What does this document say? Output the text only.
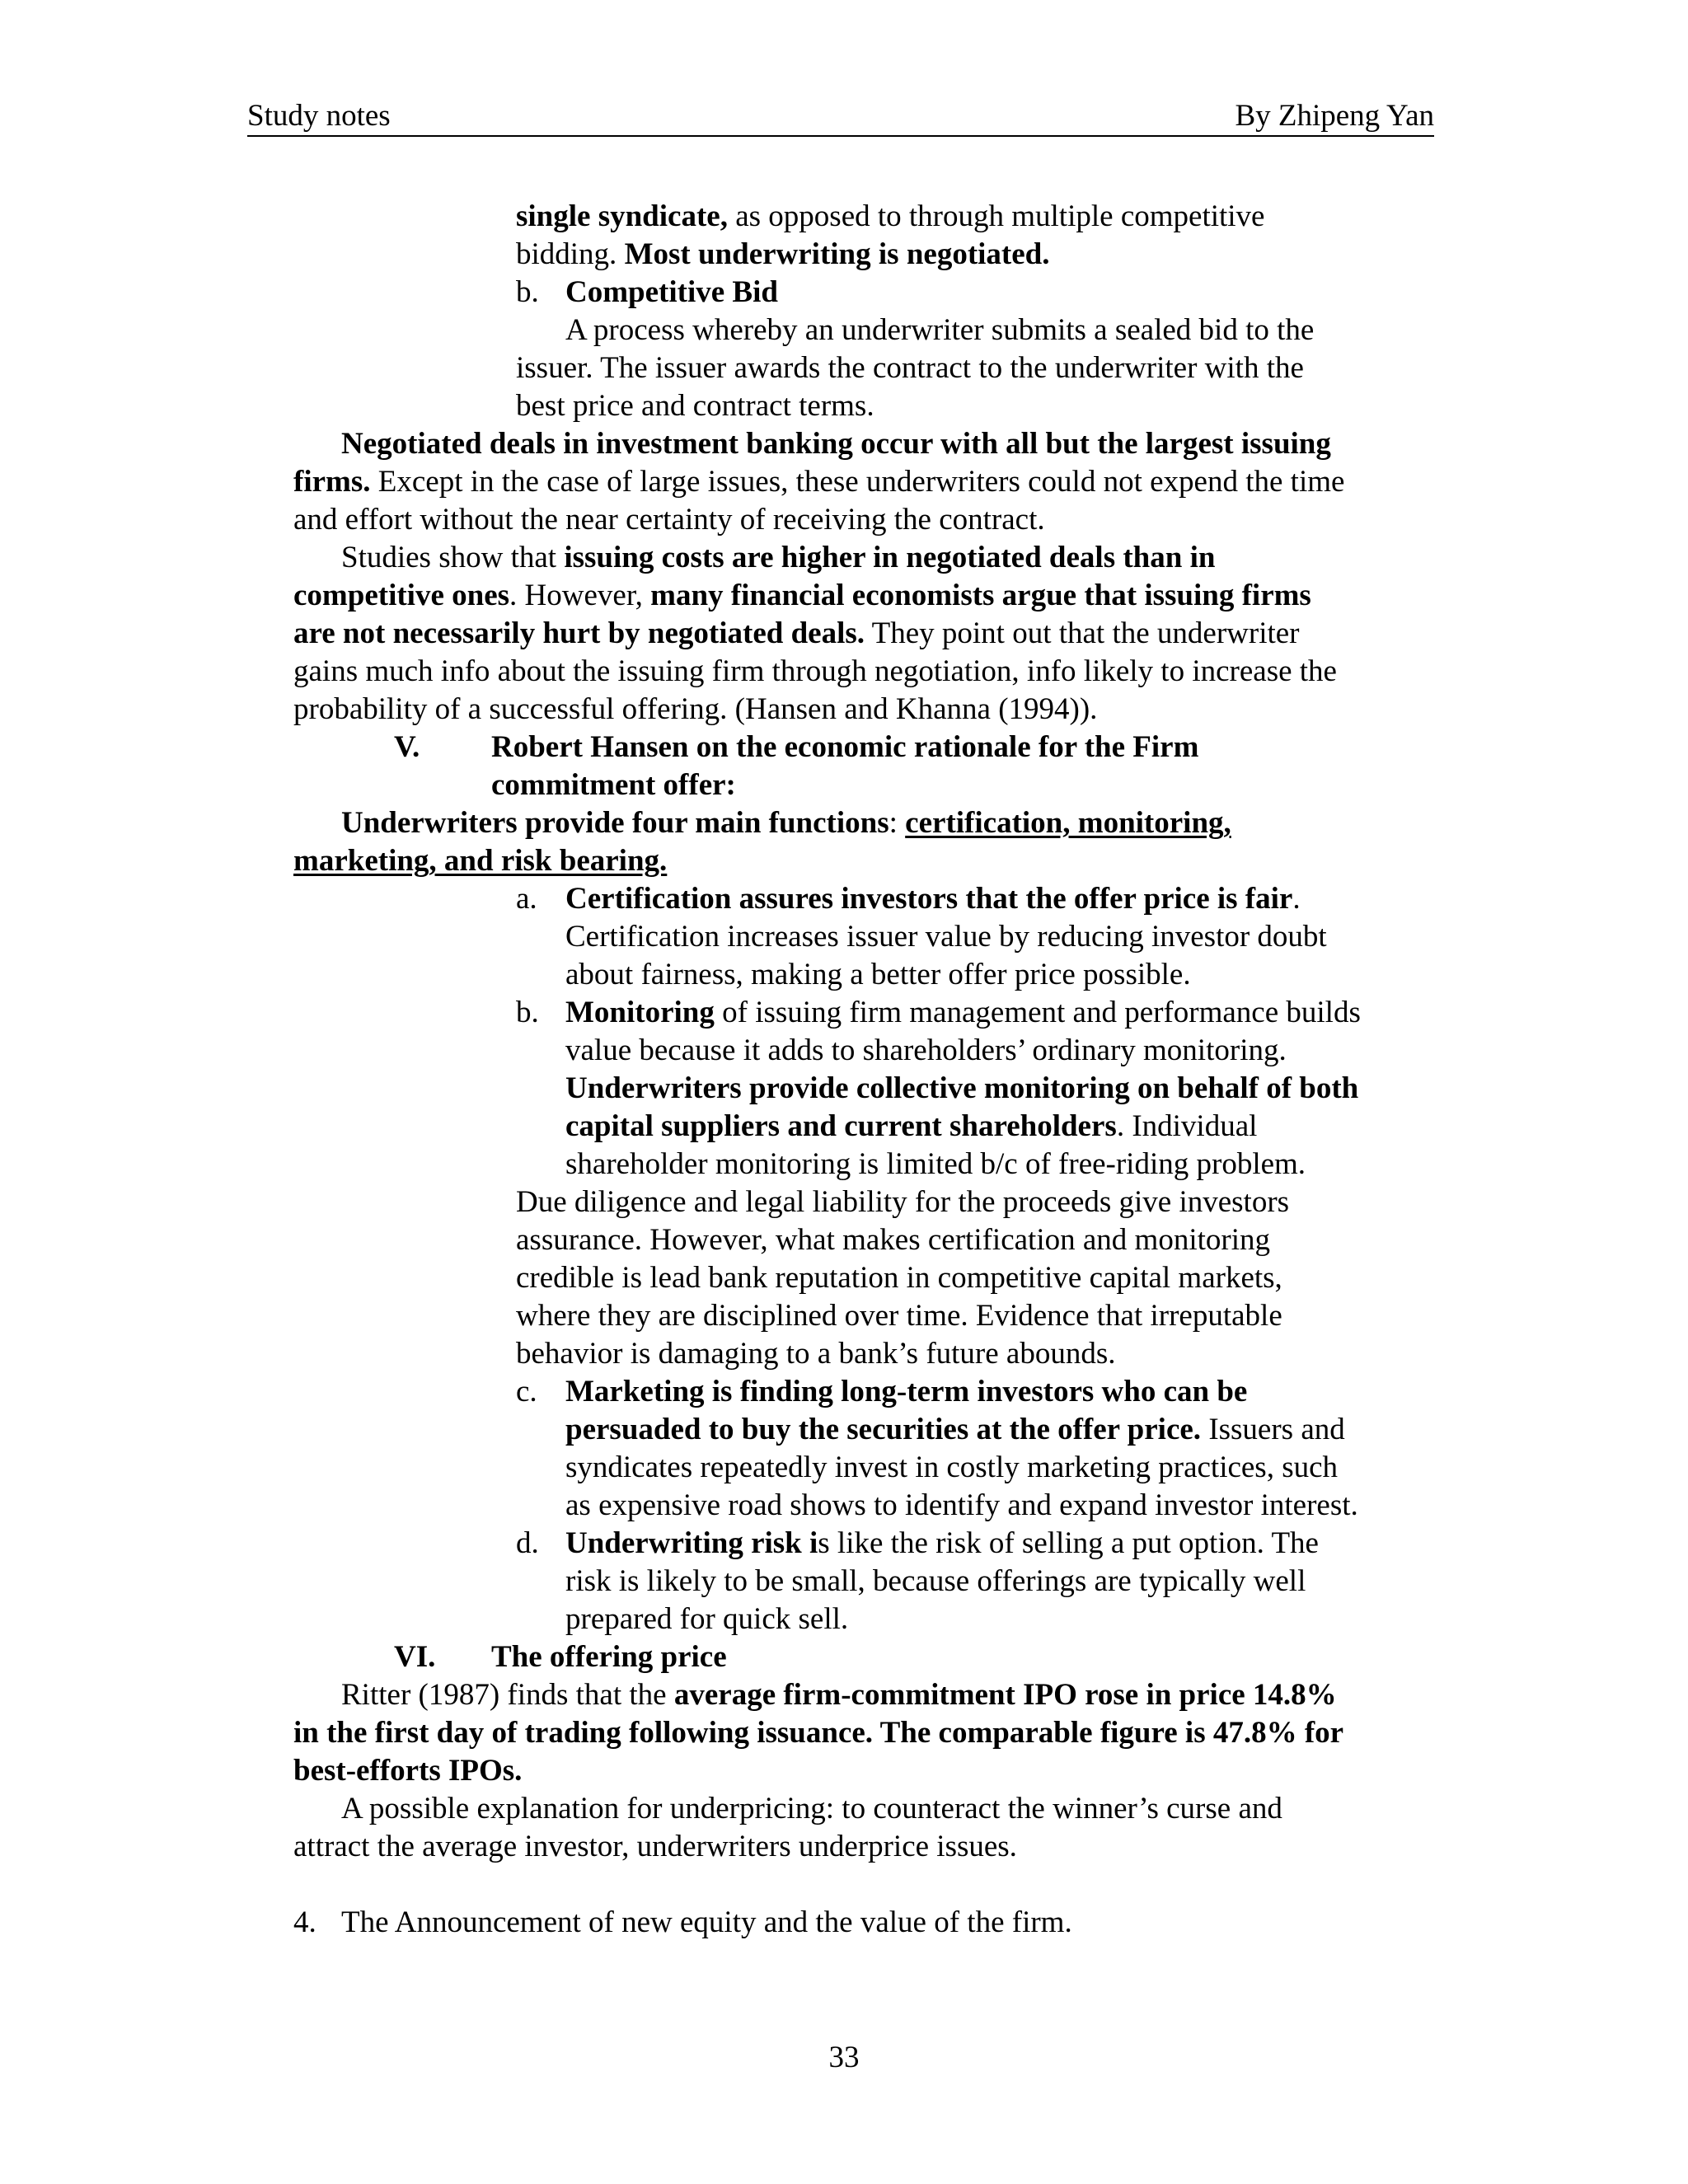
Study notes	By Zhipeng Yan
single syndicate, as opposed to through multiple competitive
bidding. Most underwriting is negotiated.
b. Competitive Bid
A process whereby an underwriter submits a sealed bid to the
issuer. The issuer awards the contract to the underwriter with the
best price and contract terms.
Negotiated deals in investment banking occur with all but the largest issuing
firms. Except in the case of large issues, these underwriters could not expend the time
and effort without the near certainty of receiving the contract.
Studies show that issuing costs are higher in negotiated deals than in
competitive ones. However, many financial economists argue that issuing firms
are not necessarily hurt by negotiated deals. They point out that the underwriter
gains much info about the issuing firm through negotiation, info likely to increase the
probability of a successful offering. (Hansen and Khanna (1994)).
V. Robert Hansen on the economic rationale for the Firm
commitment offer:
Underwriters provide four main functions: certification, monitoring,
marketing, and risk bearing.
a. Certification assures investors that the offer price is fair.
Certification increases issuer value by reducing investor doubt
about fairness, making a better offer price possible.
b. Monitoring of issuing firm management and performance builds
value because it adds to shareholders’ ordinary monitoring.
Underwriters provide collective monitoring on behalf of both
capital suppliers and current shareholders. Individual
shareholder monitoring is limited b/c of free-riding problem.
Due diligence and legal liability for the proceeds give investors
assurance. However, what makes certification and monitoring
credible is lead bank reputation in competitive capital markets,
where they are disciplined over time. Evidence that irreputable
behavior is damaging to a bank’s future abounds.
c. Marketing is finding long-term investors who can be
persuaded to buy the securities at the offer price. Issuers and
syndicates repeatedly invest in costly marketing practices, such
as expensive road shows to identify and expand investor interest.
d. Underwriting risk is like the risk of selling a put option. The
risk is likely to be small, because offerings are typically well
prepared for quick sell.
VI. The offering price
Ritter (1987) finds that the average firm-commitment IPO rose in price 14.8%
in the first day of trading following issuance. The comparable figure is 47.8% for
best-efforts IPOs.
A possible explanation for underpricing: to counteract the winner’s curse and
attract the average investor, underwriters underprice issues.
4. The Announcement of new equity and the value of the firm.
33
